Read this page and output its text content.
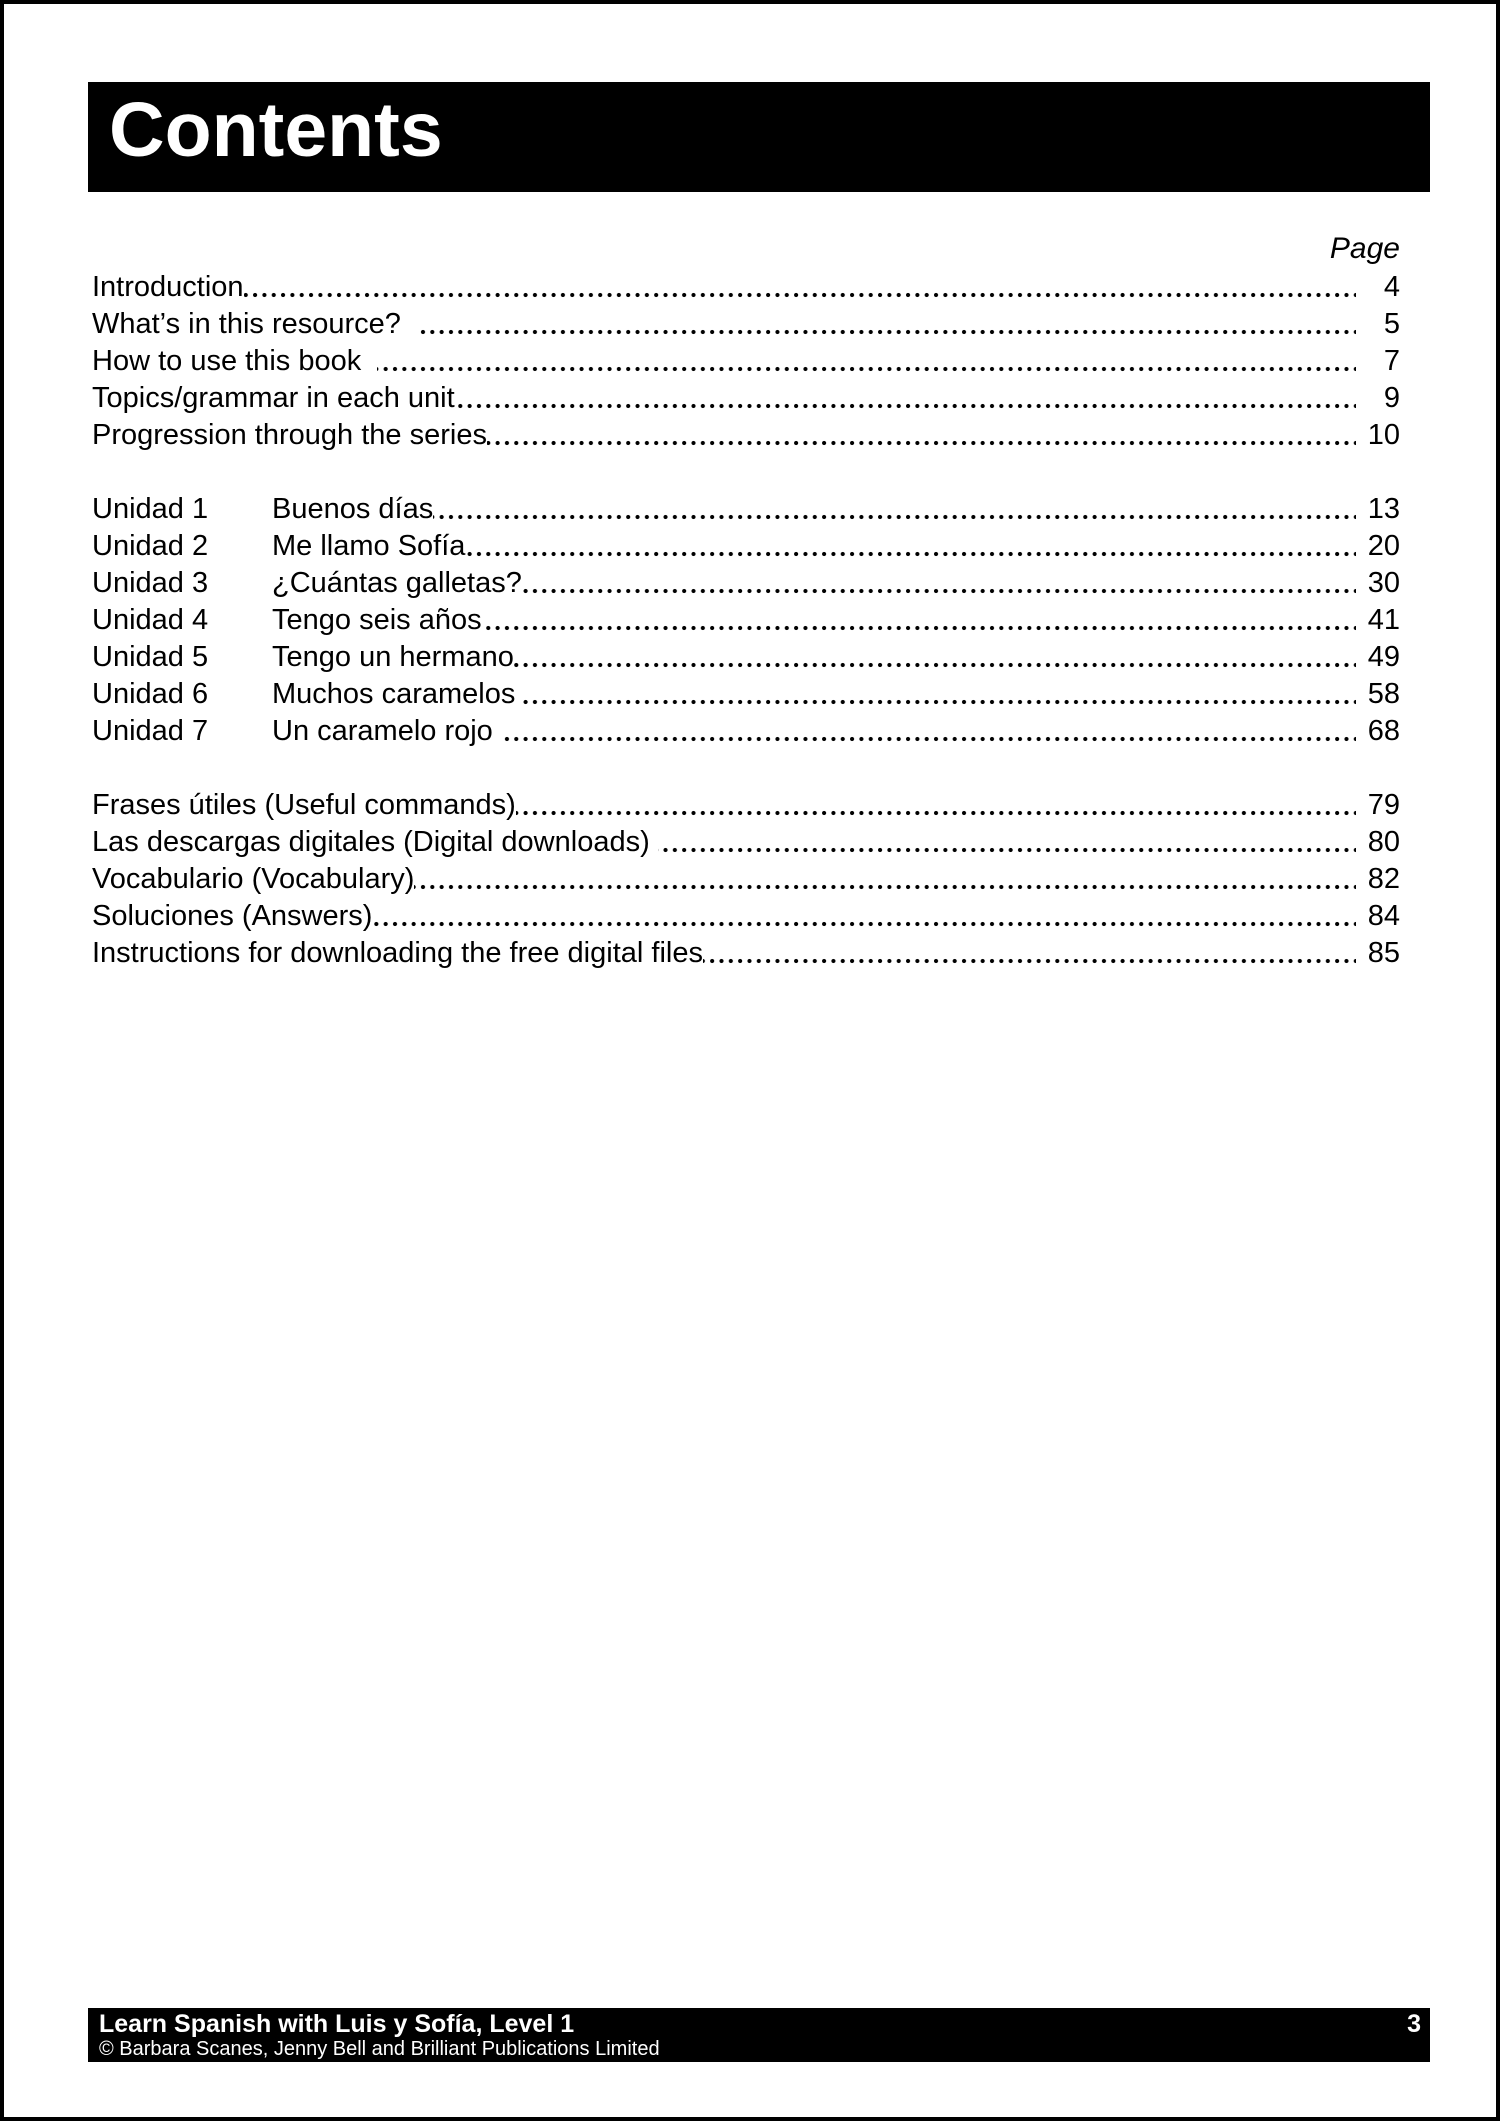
Contents
Page
Introduction	4
What’s in this resource?	5
How to use this book	7
Topics/grammar in each unit	9
Progression through the series	10
Unidad 1	Buenos días	13
Unidad 2	Me llamo Sofía	20
Unidad 3	¿Cuántas galletas?	30
Unidad 4	Tengo seis años	41
Unidad 5	Tengo un hermano	49
Unidad 6	Muchos caramelos	58
Unidad 7	Un caramelo rojo	68
Frases útiles (Useful commands)	79
Las descargas digitales (Digital downloads)	80
Vocabulario (Vocabulary)	82
Soluciones (Answers)	84
Instructions for downloading the free digital files	85
Learn Spanish with Luis y Sofía, Level 1
© Barbara Scanes, Jenny Bell and Brilliant Publications Limited
3
